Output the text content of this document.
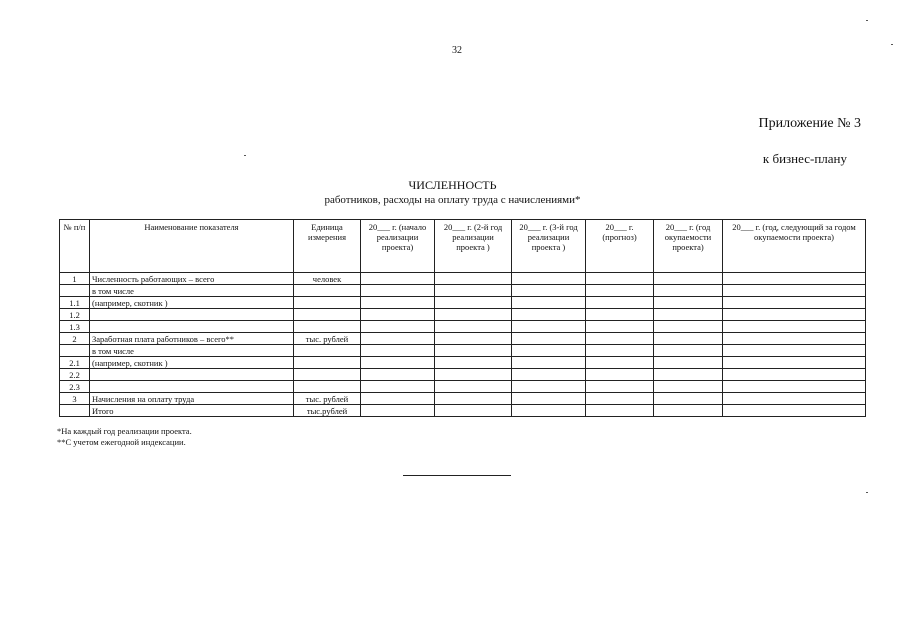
32
Приложение № 3
к бизнес-плану
ЧИСЛЕННОСТЬ
работников, расходы на оплату труда с начислениями*
№ п/п	Наименование показателя	Единица измерения	20___ г. (начало реализации проекта)	20___ г. (2-й год реализации проекта )	20___ г. (3-й год реализации проекта )	20___ г. (прогноз)	20___ г. (год окупаемости проекта)	20___ г. (год, следующий за годом окупаемости проекта)
1	Численность работающих – всего	человек						
	в том числе							
1.1	(например, скотник )							
1.2								
1.3								
2	Заработная плата работников – всего**	тыс. рублей						
	в том числе							
2.1	(например, скотник )							
2.2								
2.3								
3	Начисления на оплату труда	тыс. рублей						
	Итого	тыс.рублей						
*На каждый год реализации проекта.
**С учетом ежегодной индексации.
